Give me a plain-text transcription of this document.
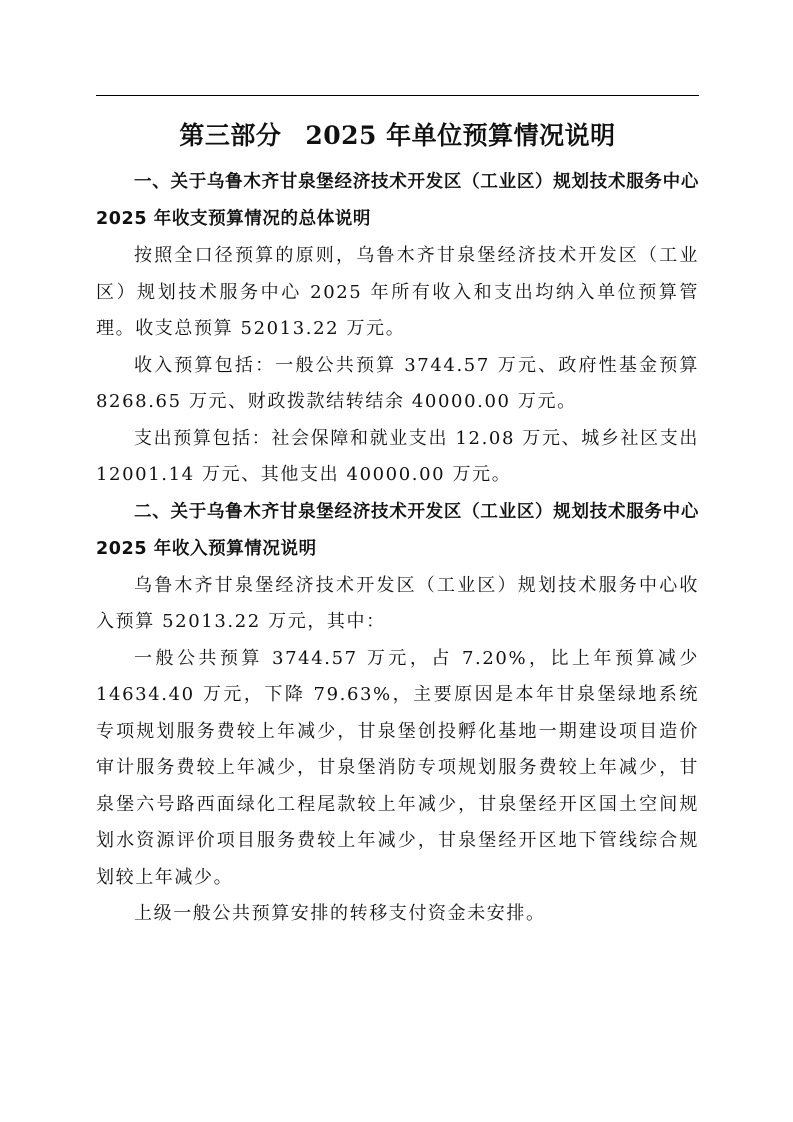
第三部分 2025 年单位预算情况说明

一、关于乌鲁木齐甘泉堡经济技术开发区（工业区）规划技术服务中心 2025 年收支预算情况的总体说明

按照全口径预算的原则，乌鲁木齐甘泉堡经济技术开发区（工业区）规划技术服务中心 2025 年所有收入和支出均纳入单位预算管理。收支总预算 52013.22 万元。

收入预算包括：一般公共预算 3744.57 万元、政府性基金预算 8268.65 万元、财政拨款结转结余 40000.00 万元。

支出预算包括：社会保障和就业支出 12.08 万元、城乡社区支出 12001.14 万元、其他支出 40000.00 万元。

二、关于乌鲁木齐甘泉堡经济技术开发区（工业区）规划技术服务中心 2025 年收入预算情况说明

乌鲁木齐甘泉堡经济技术开发区（工业区）规划技术服务中心收入预算 52013.22 万元，其中：

一般公共预算 3744.57 万元，占 7.20%，比上年预算减少 14634.40 万元，下降 79.63%，主要原因是本年甘泉堡绿地系统专项规划服务费较上年减少，甘泉堡创投孵化基地一期建设项目造价审计服务费较上年减少，甘泉堡消防专项规划服务费较上年减少，甘泉堡六号路西面绿化工程尾款较上年减少，甘泉堡经开区国土空间规划水资源评价项目服务费较上年减少，甘泉堡经开区地下管线综合规划较上年减少。

上级一般公共预算安排的转移支付资金未安排。
